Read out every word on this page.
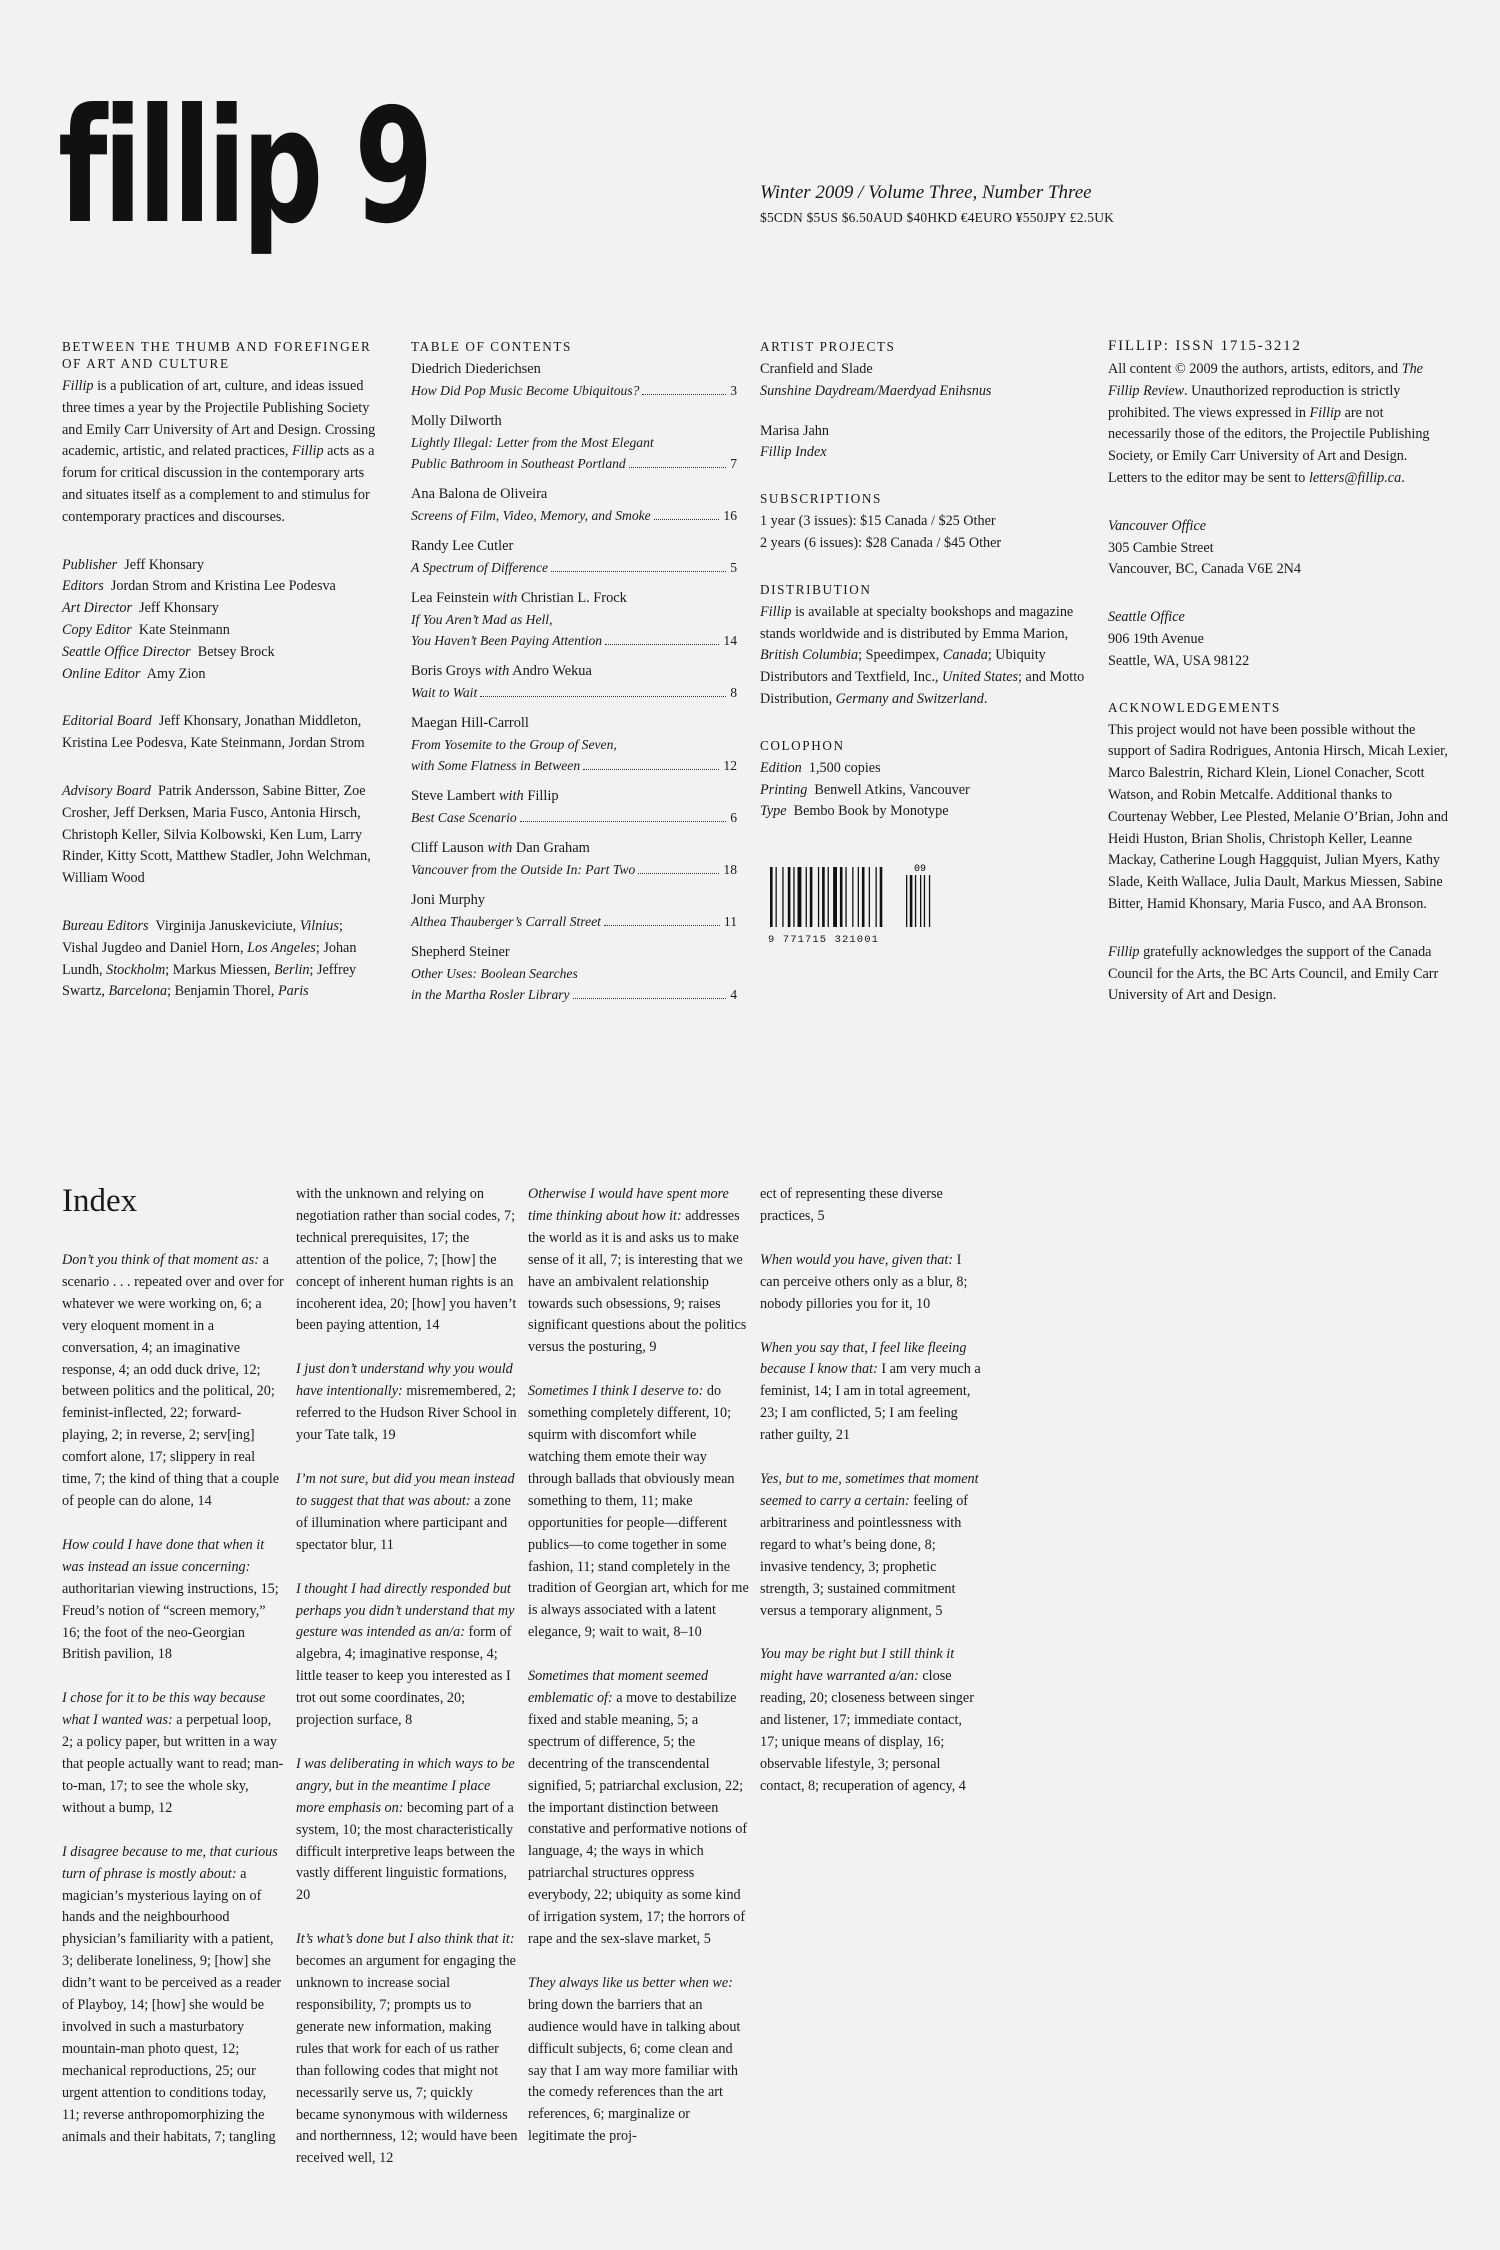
fillip 9	Winter 2009 / Volume Three, Number Three
$5CDN $5US $6.50AUD $40HKD €4EURO ¥550JPY £2.5UK
BETWEEN THE THUMB AND FOREFINGER OF ART AND CULTURE

Fillip is a publication of art, culture, and ideas issued three times a year by the Projectile Publishing Society and Emily Carr University of Art and Design. Crossing academic, artistic, and related practices, Fillip acts as a forum for critical discussion in the contemporary arts and situates itself as a complement to and stimulus for contemporary practices and discourses.

Publisher Jeff Khonsary

Editors Jordan Strom and Kristina Lee Podesva

Art Director Jeff Khonsary

Copy Editor Kate Steinmann

Seattle Office Director Betsey Brock

Online Editor Amy Zion

Editorial Board Jeff Khonsary, Jonathan Middleton, Kristina Lee Podesva, Kate Steinmann, Jordan Strom

Advisory Board Patrik Andersson, Sabine Bitter, Zoe Crosher, Jeff Derksen, Maria Fusco, Antonia Hirsch, Christoph Keller, Silvia Kolbowski, Ken Lum, Larry Rinder, Kitty Scott, Matthew Stadler, John Welchman, William Wood

Bureau Editors Virginija Januskeviciute, Vilnius; Vishal Jugdeo and Daniel Horn, Los Angeles; Johan Lundh, Stockholm; Markus Miessen, Berlin; Jeffrey Swartz, Barcelona; Benjamin Thorel, Paris

TABLE OF CONTENTS
Diedrich Diederichsen
How Did Pop Music Become Ubiquitous?	3
Molly Dilworth
Lightly Illegal: Letter from the Most Elegant
Public Bathroom in Southeast Portland	7
Ana Balona de Oliveira
Screens of Film, Video, Memory, and Smoke	16
Randy Lee Cutler
A Spectrum of Difference	5
Lea Feinstein with Christian L. Frock
If You Aren’t Mad as Hell,
You Haven’t Been Paying Attention	14
Boris Groys with Andro Wekua
Wait to Wait	8
Maegan Hill-Carroll
From Yosemite to the Group of Seven,
with Some Flatness in Between	12
Steve Lambert with Fillip
Best Case Scenario	6
Cliff Lauson with Dan Graham
Vancouver from the Outside In: Part Two	18
Joni Murphy
Althea Thauberger’s Carrall Street	11
Shepherd Steiner
Other Uses: Boolean Searches
in the Martha Rosler Library	4
ARTIST PROJECTS

Cranfield and Slade
Sunshine Daydream/Maerdyad Enihsnus

Marisa Jahn
Fillip Index

SUBSCRIPTIONS

1 year (3 issues): $15 Canada / $25 Other

2 years (6 issues): $28 Canada / $45 Other

DISTRIBUTION

Fillip is available at specialty bookshops and magazine stands worldwide and is distributed by Emma Marion, British Columbia; Speedimpex, Canada; Ubiquity Distributors and Textfield, Inc., United States; and Motto Distribution, Germany and Switzerland.

COLOPHON

Edition 1,500 copies

Printing Benwell Atkins, Vancouver

Type Bembo Book by Monotype

09
9 771715 321001
FILLIP: ISSN 1715-3212

All content © 2009 the authors, artists, editors, and The Fillip Review. Unauthorized reproduction is strictly prohibited. The views expressed in Fillip are not necessarily those of the editors, the Projectile Publishing Society, or Emily Carr University of Art and Design. Letters to the editor may be sent to letters@fillip.ca.

Vancouver Office
305 Cambie Street
Vancouver, BC, Canada V6E 2N4

Seattle Office
906 19th Avenue
Seattle, WA, USA 98122

ACKNOWLEDGEMENTS

This project would not have been possible without the support of Sadira Rodrigues, Antonia Hirsch, Micah Lexier, Marco Balestrin, Richard Klein, Lionel Conacher, Scott Watson, and Robin Metcalfe. Additional thanks to Courtenay Webber, Lee Plested, Melanie O’Brian, John and Heidi Huston, Brian Sholis, Christoph Keller, Leanne Mackay, Catherine Lough Haggquist, Julian Myers, Kathy Slade, Keith Wallace, Julia Dault, Markus Miessen, Sabine Bitter, Hamid Khonsary, Maria Fusco, and AA Bronson.

Fillip gratefully acknowledges the support of the Canada Council for the Arts, the BC Arts Council, and Emily Carr University of Art and Design.

Index

Don’t you think of that moment as: a scenario . . . repeated over and over for whatever we were working on, 6; a very eloquent moment in a conversation, 4; an imaginative response, 4; an odd duck drive, 12; between politics and the political, 20; feminist-inflected, 22; forward-playing, 2; in reverse, 2; serv[ing] comfort alone, 17; slippery in real time, 7; the kind of thing that a couple of people can do alone, 14

How could I have done that when it was instead an issue concerning: authoritarian viewing instructions, 15; Freud’s notion of “screen memory,” 16; the foot of the neo-Georgian British pavilion, 18

I chose for it to be this way because what I wanted was: a perpetual loop, 2; a policy paper, but written in a way that people actually want to read; man-to-man, 17; to see the whole sky, without a bump, 12

I disagree because to me, that curious turn of phrase is mostly about: a magician’s mysterious laying on of hands and the neighbourhood physician’s familiarity with a patient, 3; deliberate loneliness, 9; [how] she didn’t want to be perceived as a reader of Playboy, 14; [how] she would be involved in such a masturbatory mountain-man photo quest, 12; mechanical reproductions, 25; our urgent attention to conditions today, 11; reverse anthropomorphizing the animals and their habitats, 7; tangling

with the unknown and relying on negotiation rather than social codes, 7; technical prerequisites, 17; the attention of the police, 7; [how] the concept of inherent human rights is an incoherent idea, 20; [how] you haven’t been paying attention, 14

I just don’t understand why you would have intentionally: misremembered, 2; referred to the Hudson River School in your Tate talk, 19

I’m not sure, but did you mean instead to suggest that that was about: a zone of illumination where participant and spectator blur, 11

I thought I had directly responded but perhaps you didn’t understand that my gesture was intended as an/a: form of algebra, 4; imaginative response, 4; little teaser to keep you interested as I trot out some coordinates, 20; projection surface, 8

I was deliberating in which ways to be angry, but in the meantime I place more emphasis on: becoming part of a system, 10; the most characteristically difficult interpretive leaps between the vastly different linguistic formations, 20

It’s what’s done but I also think that it: becomes an argument for engaging the unknown to increase social responsibility, 7; prompts us to generate new information, making rules that work for each of us rather than following codes that might not necessarily serve us, 7; quickly became synonymous with wilderness and northernness, 12; would have been received well, 12

Otherwise I would have spent more time thinking about how it: addresses the world as it is and asks us to make sense of it all, 7; is interesting that we have an ambivalent relationship towards such obsessions, 9; raises significant questions about the politics versus the posturing, 9

Sometimes I think I deserve to: do something completely different, 10; squirm with discomfort while watching them emote their way through ballads that obviously mean something to them, 11; make opportunities for people—different publics—to come together in some fashion, 11; stand completely in the tradition of Georgian art, which for me is always associated with a latent elegance, 9; wait to wait, 8–10

Sometimes that moment seemed emblematic of: a move to destabilize fixed and stable meaning, 5; a spectrum of difference, 5; the decentring of the transcendental signified, 5; patriarchal exclusion, 22; the important distinction between constative and performative notions of language, 4; the ways in which patriarchal structures oppress everybody, 22; ubiquity as some kind of irrigation system, 17; the horrors of rape and the sex-slave market, 5

They always like us better when we: bring down the barriers that an audience would have in talking about difficult subjects, 6; come clean and say that I am way more familiar with the comedy references than the art references, 6; marginalize or legitimate the proj-

ect of representing these diverse practices, 5

When would you have, given that: I can perceive others only as a blur, 8; nobody pillories you for it, 10

When you say that, I feel like fleeing because I know that: I am very much a feminist, 14; I am in total agreement, 23; I am conflicted, 5; I am feeling rather guilty, 21

Yes, but to me, sometimes that moment seemed to carry a certain: feeling of arbitrariness and pointlessness with regard to what’s being done, 8; invasive tendency, 3; prophetic strength, 3; sustained commitment versus a temporary alignment, 5

You may be right but I still think it might have warranted a/an: close reading, 20; closeness between singer and listener, 17; immediate contact, 17; unique means of display, 16; observable lifestyle, 3; personal contact, 8; recuperation of agency, 4
